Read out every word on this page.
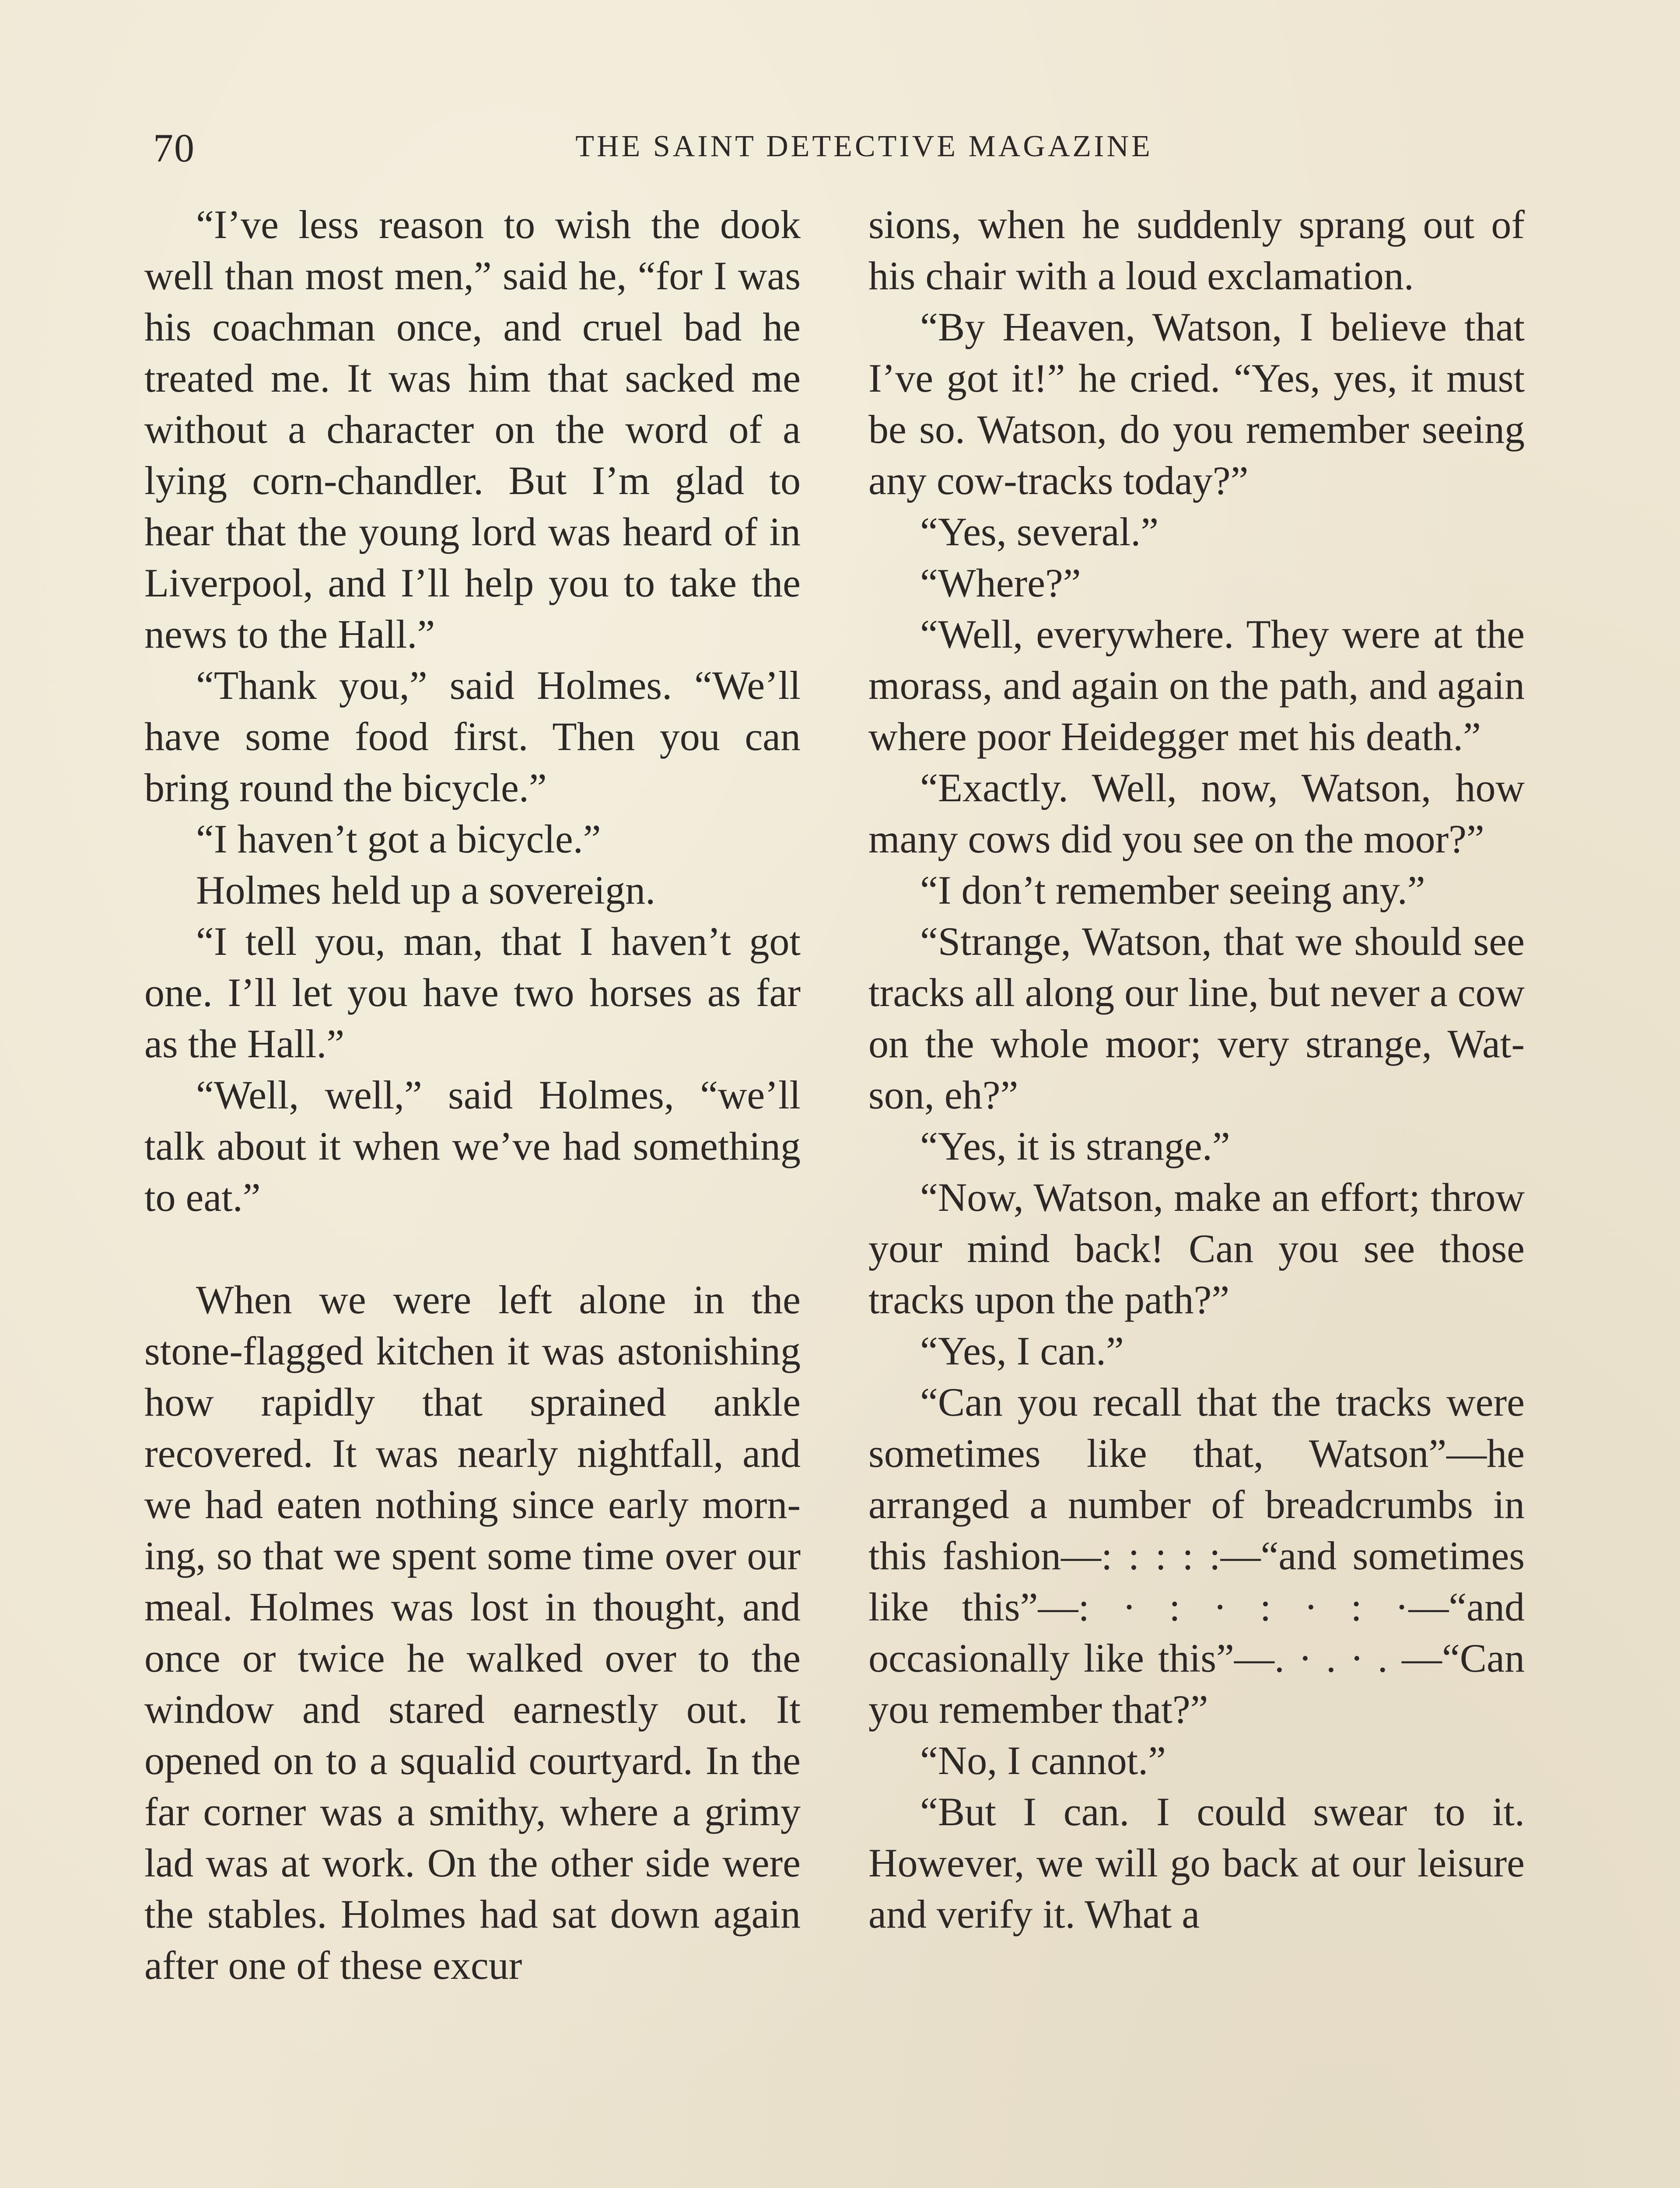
70	THE SAINT DETECTIVE MAGAZINE

“I’ve less reason to wish the dook well than most men,” said he, “for I was his coachman once, and cruel bad he treated me. It was him that sacked me without a character on the word of a lying corn-chandler. But I’m glad to hear that the young lord was heard of in Liverpool, and I’ll help you to take the news to the Hall.”

“Thank you,” said Holmes. “We’ll have some food first. Then you can bring round the bicycle.”

“I haven’t got a bicycle.”

Holmes held up a sovereign.

“I tell you, man, that I haven’t got one. I’ll let you have two horses as far as the Hall.”

“Well, well,” said Holmes, “we’ll talk about it when we’ve had something to eat.”

When we were left alone in the stone-flagged kitchen it was astonishing how rapidly that sprained ankle recovered. It was nearly nightfall, and we had eaten nothing since early morning, so that we spent some time over our meal. Holmes was lost in thought, and once or twice he walked over to the window and stared earnestly out. It opened on to a squalid courtyard. In the far corner was a smithy, where a grimy lad was at work. On the other side were the stables. Holmes had sat down again after one of these excur

sions, when he suddenly sprang out of his chair with a loud exclamation.

“By Heaven, Watson, I believe that I’ve got it!” he cried. “Yes, yes, it must be so. Watson, do you remember seeing any cow-tracks today?”

“Yes, several.”

“Where?”

“Well, everywhere. They were at the morass, and again on the path, and again where poor Heidegger met his death.”

“Exactly. Well, now, Watson, how many cows did you see on the moor?”

“I don’t remember seeing any.”

“Strange, Watson, that we should see tracks all along our line, but never a cow on the whole moor; very strange, Watson, eh?”

“Yes, it is strange.”

“Now, Watson, make an effort; throw your mind back! Can you see those tracks upon the path?”

“Yes, I can.”

“Can you recall that the tracks were sometimes like that, Watson”—he arranged a number of breadcrumbs in this fashion—: : : : :—“and sometimes like this”—: · : · : · : ·—“and occasionally like this”—. · . · . —“Can you remember that?”

“No, I cannot.”

“But I can. I could swear to it. However, we will go back at our leisure and verify it. What a
